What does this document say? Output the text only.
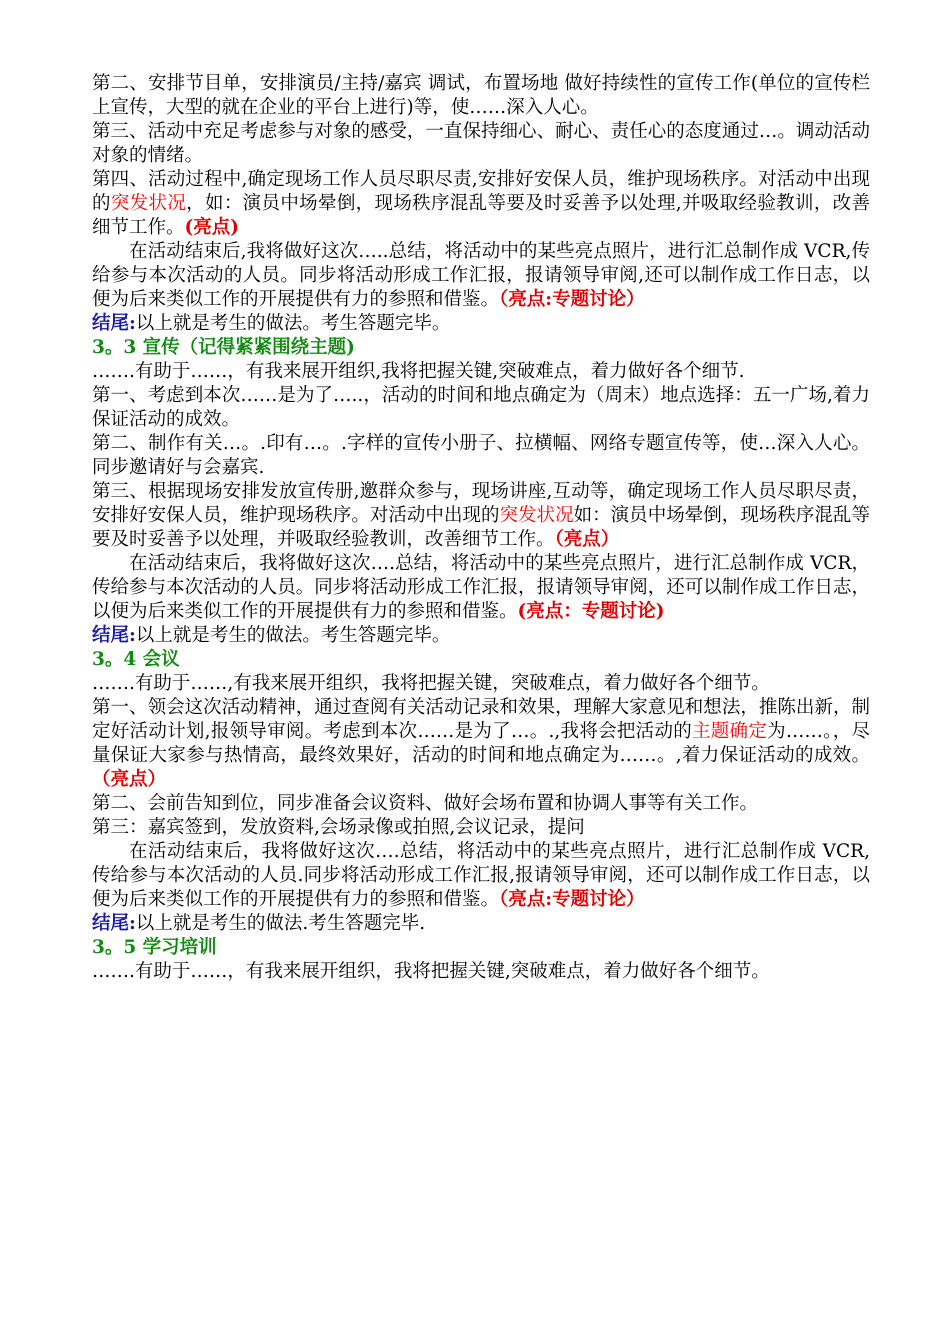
第二、安排节目单，安排演员/主持/嘉宾 调试，布置场地 做好持续性的宣传工作(单位的宣传栏上宣传，大型的就在企业的平台上进行)等，使……深入人心。

第三、活动中充足考虑参与对象的感受，一直保持细心、耐心、责任心的态度通过…。调动活动对象的情绪。

第四、活动过程中,确定现场工作人员尽职尽责,安排好安保人员，维护现场秩序。对活动中出现的突发状况，如：演员中场晕倒，现场秩序混乱等要及时妥善予以处理,并吸取经验教训，改善细节工作。(亮点)

在活动结束后,我将做好这次…..总结，将活动中的某些亮点照片，进行汇总制作成 VCR,传给参与本次活动的人员。同步将活动形成工作汇报，报请领导审阅,还可以制作成工作日志，以便为后来类似工作的开展提供有力的参照和借鉴。（亮点:专题讨论）

结尾:以上就是考生的做法。考生答题完毕。

3。3 宣传（记得紧紧围绕主题)

…….有助于……，有我来展开组织,我将把握关键,突破难点，着力做好各个细节.

第一、考虑到本次……是为了…..，活动的时间和地点确定为（周末）地点选择：五一广场,着力保证活动的成效。

第二、制作有关…。.印有…。.字样的宣传小册子、拉横幅、网络专题宣传等，使…深入人心。同步邀请好与会嘉宾.

第三、根据现场安排发放宣传册,邀群众参与，现场讲座,互动等，确定现场工作人员尽职尽责，安排好安保人员，维护现场秩序。对活动中出现的突发状况如：演员中场晕倒，现场秩序混乱等要及时妥善予以处理，并吸取经验教训，改善细节工作。（亮点）

在活动结束后，我将做好这次….总结，将活动中的某些亮点照片，进行汇总制作成 VCR，传给参与本次活动的人员。同步将活动形成工作汇报，报请领导审阅，还可以制作成工作日志，以便为后来类似工作的开展提供有力的参照和借鉴。(亮点：专题讨论)

结尾:以上就是考生的做法。考生答题完毕。

3。4 会议

…….有助于……,有我来展开组织，我将把握关键，突破难点，着力做好各个细节。

第一、领会这次活动精神，通过查阅有关活动记录和效果，理解大家意见和想法，推陈出新，制定好活动计划,报领导审阅。考虑到本次……是为了…。.,我将会把活动的主题确定为……。，尽量保证大家参与热情高，最终效果好，活动的时间和地点确定为……。,着力保证活动的成效。（亮点）

第二、会前告知到位，同步准备会议资料、做好会场布置和协调人事等有关工作。

第三：嘉宾签到，发放资料,会场录像或拍照,会议记录，提问

在活动结束后，我将做好这次….总结，将活动中的某些亮点照片，进行汇总制作成 VCR,传给参与本次活动的人员.同步将活动形成工作汇报,报请领导审阅，还可以制作成工作日志，以便为后来类似工作的开展提供有力的参照和借鉴。（亮点:专题讨论）

结尾:以上就是考生的做法.考生答题完毕.

3。5 学习培训

…….有助于……，有我来展开组织，我将把握关键,突破难点，着力做好各个细节。
